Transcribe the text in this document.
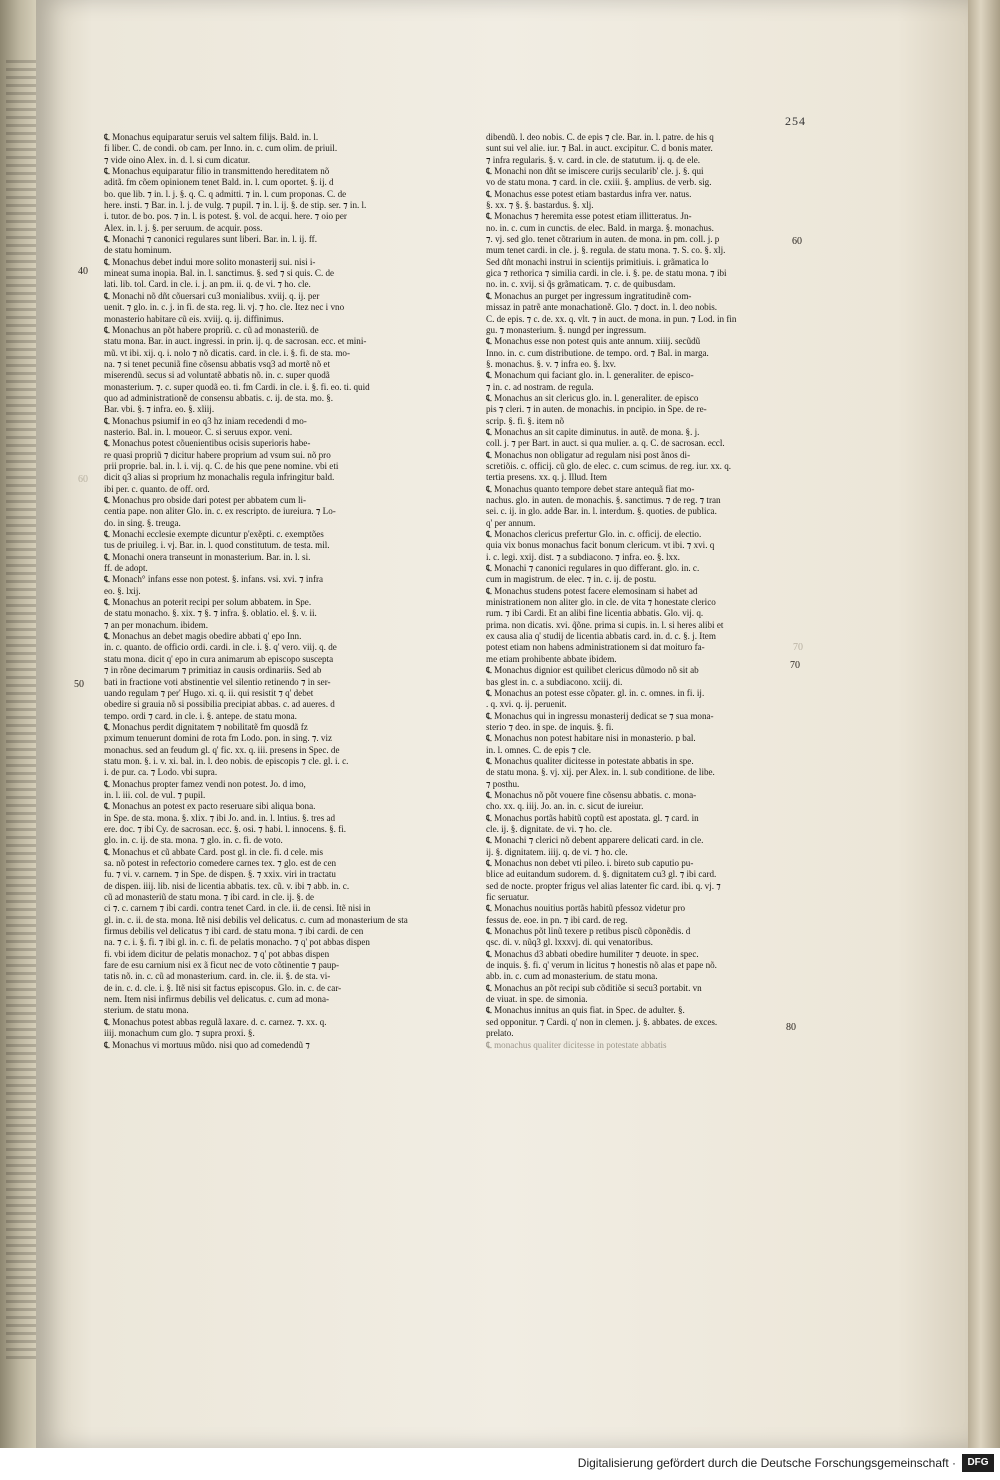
254
40
60
50
60
70
70
80

℄ Monachus equiparatur seruis vel saltem filijs. Bald. in. l.

fi liber. C. de condi. ob cam. per Inno. in. c. cum olim. de priuil.

⁊ vide oino Alex. in. d. l. si cum dicatur.

℄ Monachus equiparatur filio in transmittendo hereditatem nõ

aditã. fm cõem opinionem tenet Bald. in. l. cum oportet. §. ij. d

bo. que lib. ⁊ in. l. j. §. q. C. q admitti. ⁊ in. l. cum proponas. C. de

here. insti. ⁊ Bar. in. l. j. de vulg. ⁊ pupil. ⁊ in. l. ij. §. de stip. ser. ⁊ in. l.

i. tutor. de bo. pos. ⁊ in. l. is potest. §. vol. de acqui. here. ⁊ oio per

Alex. in. l. j. §. per seruum. de acquir. poss.

℄ Monachi ⁊ canonici regulares sunt liberi. Bar. in. l. ij. ff.

de statu hominum.

℄ Monachus debet indui more solito monasterij sui. nisi i-

mineat suma inopia. Bal. in. l. sanctimus. §. sed ⁊ si quis. C. de

lati. lib. tol. Card. in cle. i. j. an pm. ii. q. de vi. ⁊ ho. cle.

℄ Monachi nõ dñt cõuersari cu3 monialibus. xviij. q. ij. per

uenit. ⁊ glo. in. c. j. in fi. de sta. reg. li. vj. ⁊ ho. cle. Itez nec i vno

monasterio habitare cũ eis. xviij. q. ij. diffinimus.

℄ Monachus an põt habere propriũ. c. cũ ad monasteriũ. de

statu mona. Bar. in auct. ingressi. in prin. ij. q. de sacrosan. ecc. et mini-

mũ. vt ibi. xij. q. i. nolo ⁊ nõ dicatis. card. in cle. i. §. fi. de sta. mo-

na. ⁊ si tenet pecuniã fine cõsensu abbatis vsq3 ad mortẽ nõ et

miserendũ. secus si ad voluntatẽ abbatis nõ. in. c. super quodã

monasterium. ⁊. c. super quodã eo. ti. fm Cardi. in cle. i. §. fi. eo. ti. quid

quo ad administrationẽ de consensu abbatis. c. ij. de sta. mo. §.

Bar. vbi. §. ⁊ infra. eo. §. xliij.

℄ Monachus psiumif in eo q3 hz iniam recedendi d mo-

nasterio. Bal. in. l. moueor. C. si seruus expor. veni.

℄ Monachus potest cõuenientibus ocisis superioris habe-

re quasi propriũ ⁊ dicitur habere proprium ad vsum sui. nõ pro

prii proprie. bal. in. l. i. vij. q. C. de his que pene nomine. vbi eti

dicit q3 alias si proprium hz monachalis regula infringitur bald.

ibi per. c. quanto. de off. ord.

℄ Monachus pro obside dari potest per abbatem cum li-

centia pape. non aliter Glo. in. c. ex rescripto. de iureiura. ⁊ Lo-

do. in sing. §. treuga.

℄ Monachi ecclesie exempte dicuntur p'exẽpti. c. exemptões

tus de priuileg. i. vj. Bar. in. l. quod constitutum. de testa. mil.

℄ Monachi onera transeunt in monasterium. Bar. in. l. si.

ff. de adopt.

℄ Monach° infans esse non potest. §. infans. vsi. xvi. ⁊ infra

eo. §. lxij.

℄ Monachus an poterit recipi per solum abbatem. in Spe.

de statu monacho. §. xix. ⁊ §. ⁊ infra. §. oblatio. el. §. v. ii.

⁊ an per monachum. ibidem.

℄ Monachus an debet magis obedire abbati q' epo Inn.

in. c. quanto. de officio ordi. cardi. in cle. i. §. q' vero. viij. q. de

statu mona. dicit q' epo in cura animarum ab episcopo suscepta

⁊ in rõne decimarum ⁊ primitiaz in causis ordinariis. Sed ab

bati in fractione voti abstinentie vel silentio retinendo ⁊ in ser-

uando regulam ⁊ per' Hugo. xi. q. ii. qui resistit ⁊ q' debet

obedire si grauia nõ si possibilia precipiat abbas. c. ad aueres. d

tempo. ordi ⁊ card. in cle. i. §. antepe. de statu mona.

℄ Monachus perdit dignitatem ⁊ nobilitatẽ fm quosdã fz

pximum tenuerunt domini de rota fm Lodo. pon. in sing. ⁊. viz

monachus. sed an feudum gl. q' fic. xx. q. iii. presens in Spec. de

statu mon. §. i. v. xi. bal. in. l. deo nobis. de episcopis ⁊ cle. gl. i. c.

i. de pur. ca. ⁊ Lodo. vbi supra.

℄ Monachus propter famez vendi non potest. Jo. d imo,

in. l. iii. col. de vul. ⁊ pupil.

℄ Monachus an potest ex pacto reseruare sibi aliqua bona.

in Spe. de sta. mona. §. xlix. ⁊ ibi Jo. and. in. l. lntius. §. tres ad

ere. doc. ⁊ ibi Cy. de sacrosan. ecc. §. osi. ⁊ habi. l. innocens. §. fi.

glo. in. c. ij. de sta. mona. ⁊ glo. in. c. fi. de voto.

℄ Monachus et cũ abbate Card. post gl. in cle. fi. d cele. mis

sa. nõ potest in refectorio comedere carnes tex. ⁊ glo. est de cen

fu. ⁊ vi. v. carnem. ⁊ in Spe. de dispen. §. ⁊ xxix. viri in tractatu

de dispen. iiij. lib. nisi de licentia abbatis. tex. cũ. v. ibi ⁊ abb. in. c.

cũ ad monasteriũ de statu mona. ⁊ ibi card. in cle. ij. §. de

ci ⁊. c. carnem ⁊ ibi cardi. contra tenet Card. in cle. ii. de censi. Itẽ nisi in

gl. in. c. ii. de sta. mona. Itẽ nisi debilis vel delicatus. c. cum ad monasterium de sta

firmus debilis vel delicatus ⁊ ibi card. de statu mona. ⁊ ibi cardi. de cen

na. ⁊ c. i. §. fi. ⁊ ibi gl. in. c. fi. de pelatis monacho. ⁊ q' pot abbas dispen

fi. vbi idem dicitur de pelatis monachoz. ⁊ q' pot abbas dispen

fare de esu carnium nisi ex ã ficut nec de voto cõtinentie ⁊ paup-

tatis nõ. in. c. cũ ad monasterium. card. in. cle. ii. §. de sta. vi-

de in. c. d. cle. i. §. Itẽ nisi sit factus episcopus. Glo. in. c. de car-

nem. Item nisi infirmus debilis vel delicatus. c. cum ad mona-

sterium. de statu mona.

℄ Monachus potest abbas regulã laxare. d. c. carnez. ⁊. xx. q.

iiij. monachum cum glo. ⁊ supra proxi. §.

℄ Monachus vi mortuus mũdo. nisi quo ad comedendũ ⁊

dibendũ. l. deo nobis. C. de epis ⁊ cle. Bar. in. l. patre. de his q

sunt sui vel alie. iur. ⁊ Bal. in auct. excipitur. C. d bonis mater.

⁊ infra regularis. §. v. card. in cle. de statutum. ij. q. de ele.

℄ Monachi non dñt se imiscere curijs secularib' cle. j. §. qui

vo de statu mona. ⁊ card. in cle. cxiii. §. amplius. de verb. sig.

℄ Monachus esse potest etiam bastardus infra ver. natus.

§. xx. ⁊ §. §. bastardus. §. xlj.

℄ Monachus ⁊ heremita esse potest etiam illitteratus. Jn-

no. in. c. cum in cunctis. de elec. Bald. in marga. §. monachus.

⁊. vj. sed glo. tenet cõtrarium in auten. de mona. in pm. coll. j. p

mum tenet cardi. in cle. j. §. regula. de statu mona. ⁊. S. co. §. xlj.

Sed dñt monachi instrui in scientijs primitiuis. i. grãmatica lo

gica ⁊ rethorica ⁊ similia cardi. in cle. i. §. pe. de statu mona. ⁊ ibi

no. in. c. xvij. si q̃s grãmaticam. ⁊. c. de quibusdam.

℄ Monachus an purget per ingressum ingratitudinẽ com-

missaz in patrẽ ante monachationẽ. Glo. ⁊ doct. in. l. deo nobis.

C. de epis. ⁊ c. de. xx. q. vlt. ⁊ in auct. de mona. in pun. ⁊ Lod. in fin

gu. ⁊ monasterium. §. nungd per ingressum.

℄ Monachus esse non potest quis ante annum. xiiij. secũdũ

Inno. in. c. cum distributione. de tempo. ord. ⁊ Bal. in marga.

§. monachus. §. v. ⁊ infra eo. §. lxv.

℄ Monachum qui faciant glo. in. l. generaliter. de episco-

⁊ in. c. ad nostram. de regula.

℄ Monachus an sit clericus glo. in. l. generaliter. de episco

pis ⁊ cleri. ⁊ in auten. de monachis. in pncipio. in Spe. de re-

scrip. §. fi. §. item nõ

℄ Monachus an sit capite diminutus. in autẽ. de mona. §. j.

coll. j. ⁊ per Bart. in auct. si qua mulier. a. q. C. de sacrosan. eccl.

℄ Monachus non obligatur ad regulam nisi post ãnos di-

scretiõis. c. officij. cũ glo. de elec. c. cum scimus. de reg. iur. xx. q.

tertia presens. xx. q. j. Illud. Item

℄ Monachus quanto tempore debet stare antequã fiat mo-

nachus. glo. in auten. de monachis. §. sanctimus. ⁊ de reg. ⁊ tran

sei. c. ij. in glo. adde Bar. in. l. interdum. §. quoties. de publica.

q' per annum.

℄ Monachos clericus prefertur Glo. in. c. officij. de electio.

quia vix bonus monachus facit bonum clericum. vt ibi. ⁊ xvi. q

i. c. legi. xxij. dist. ⁊ a subdiacono. ⁊ infra. eo. §. lxx.

℄ Monachi ⁊ canonici regulares in quo differant. glo. in. c.

cum in magistrum. de elec. ⁊ in. c. ij. de postu.

℄ Monachus studens potest facere elemosinam si habet ad

ministrationem non aliter glo. in cle. de vita ⁊ honestate clerico

rum. ⁊ ibi Cardi. Et an alibi fine licentia abbatis. Glo. vij. q.

prima. non dicatis. xvi. q̃õne. prima si cupis. in. l. si heres alibi et

ex causa alia q' studij de licentia abbatis card. in. d. c. §. j. Item

potest etiam non habens administrationem si dat moituro fa-

me etiam prohibente abbate ibidem.

℄ Monachus dignior est quilibet clericus dũmodo nõ sit ab

bas glest in. c. a subdiacono. xciij. di.

℄ Monachus an potest esse cõpater. gl. in. c. omnes. in fi. ij.

. q. xvi. q. ij. peruenit.

℄ Monachus qui in ingressu monasterij dedicat se ⁊ sua mona-

sterio ⁊ deo. in spe. de inquis. §. fi.

℄ Monachus non potest habitare nisi in monasterio. p bal.

in. l. omnes. C. de epis ⁊ cle.

℄ Monachus qualiter dicitesse in potestate abbatis in spe.

de statu mona. §. vj. xij. per Alex. in. l. sub conditione. de libe.

⁊ posthu.

℄ Monachus nõ põt vouere fine cõsensu abbatis. c. mona-

cho. xx. q. iiij. Jo. an. in. c. sicut de iureiur.

℄ Monachus portãs habitũ coptũ est apostata. gl. ⁊ card. in

cle. ij. §. dignitate. de vi. ⁊ ho. cle.

℄ Monachi ⁊ clerici nõ debent apparere delicati card. in cle.

ij. §. dignitatem. iiij. q. de vi. ⁊ ho. cle.

℄ Monachus non debet vti pileo. i. bireto sub caputio pu-

blice ad euitandum sudorem. d. §. dignitatem cu3 gl. ⁊ ibi card.

sed de nocte. propter frigus vel alias latenter fic card. ibi. q. vj. ⁊

fic seruatur.

℄ Monachus nouitius portãs habitũ pfessoz videtur pro

fessus de. eoe. in pn. ⁊ ibi card. de reg.

℄ Monachus põt linũ texere p retibus piscũ cõponẽdis. d

qsc. di. v. nũq3 gl. lxxxvj. di. qui venatoribus.

℄ Monachus d3 abbati obedire humiliter ⁊ deuote. in spec.

de inquis. §. fi. q' verum in licitus ⁊ honestis nõ alas et pape nõ.

abb. in. c. cum ad monasterium. de statu mona.

℄ Monachus an põt recipi sub cõditiõe si secu3 portabit. vn

de viuat. in spe. de simonia.

℄ Monachus innitus an quis fiat. in Spec. de adulter. §.

sed opponitur. ⁊ Cardi. q' non in clemen. j. §. abbates. de exces.

prelato.

℄ monachus qualiter dicitesse in potestate abbatis

Digitalisierung gefördert durch die Deutsche Forschungsgemeinschaft ·	DFG
